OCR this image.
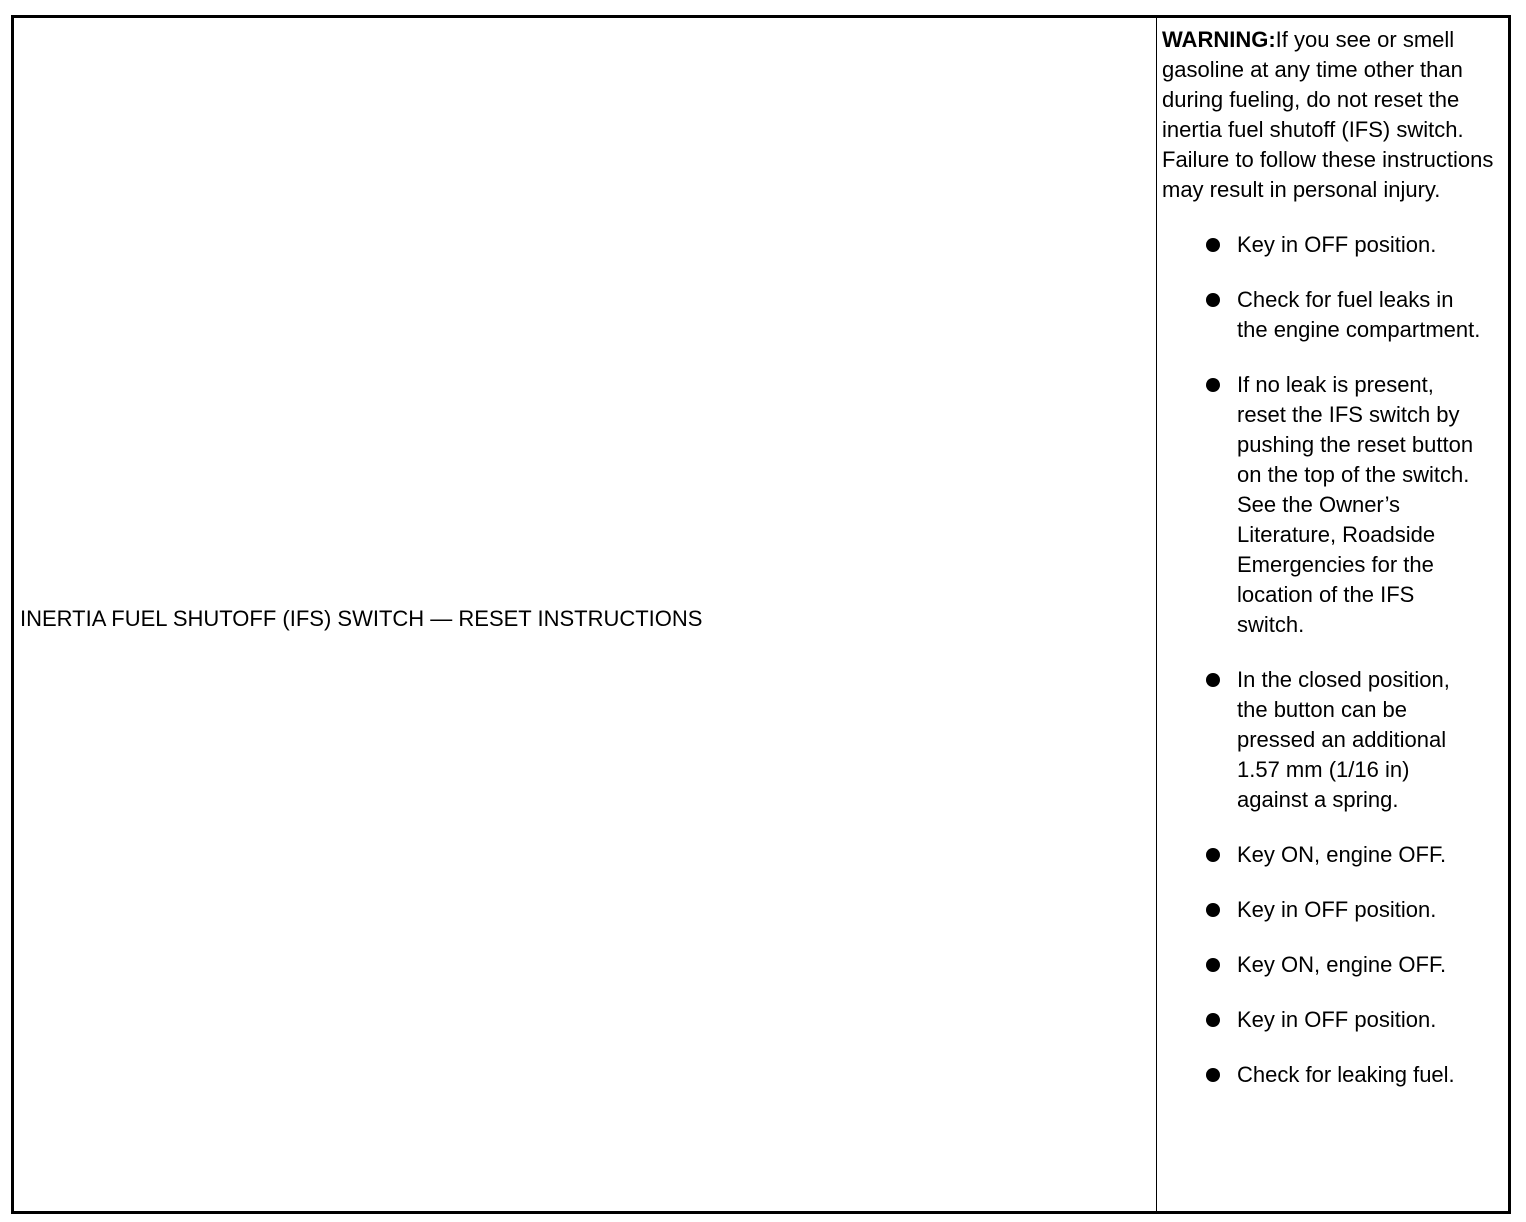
INERTIA FUEL SHUTOFF (IFS) SWITCH — RESET INSTRUCTIONS

WARNING:If you see or smell gasoline at any time other than during fueling, do not reset the inertia fuel shutoff (IFS) switch. Failure to follow these instructions may result in personal injury.

Key in OFF position.
Check for fuel leaks in the engine compartment.
If no leak is present, reset the IFS switch by pushing the reset button on the top of the switch. See the Owner’s Literature, Roadside Emergencies for the location of the IFS switch.
In the closed position, the button can be pressed an additional 1.57 mm (1/16 in) against a spring.
Key ON, engine OFF.
Key in OFF position.
Key ON, engine OFF.
Key in OFF position.
Check for leaking fuel.
